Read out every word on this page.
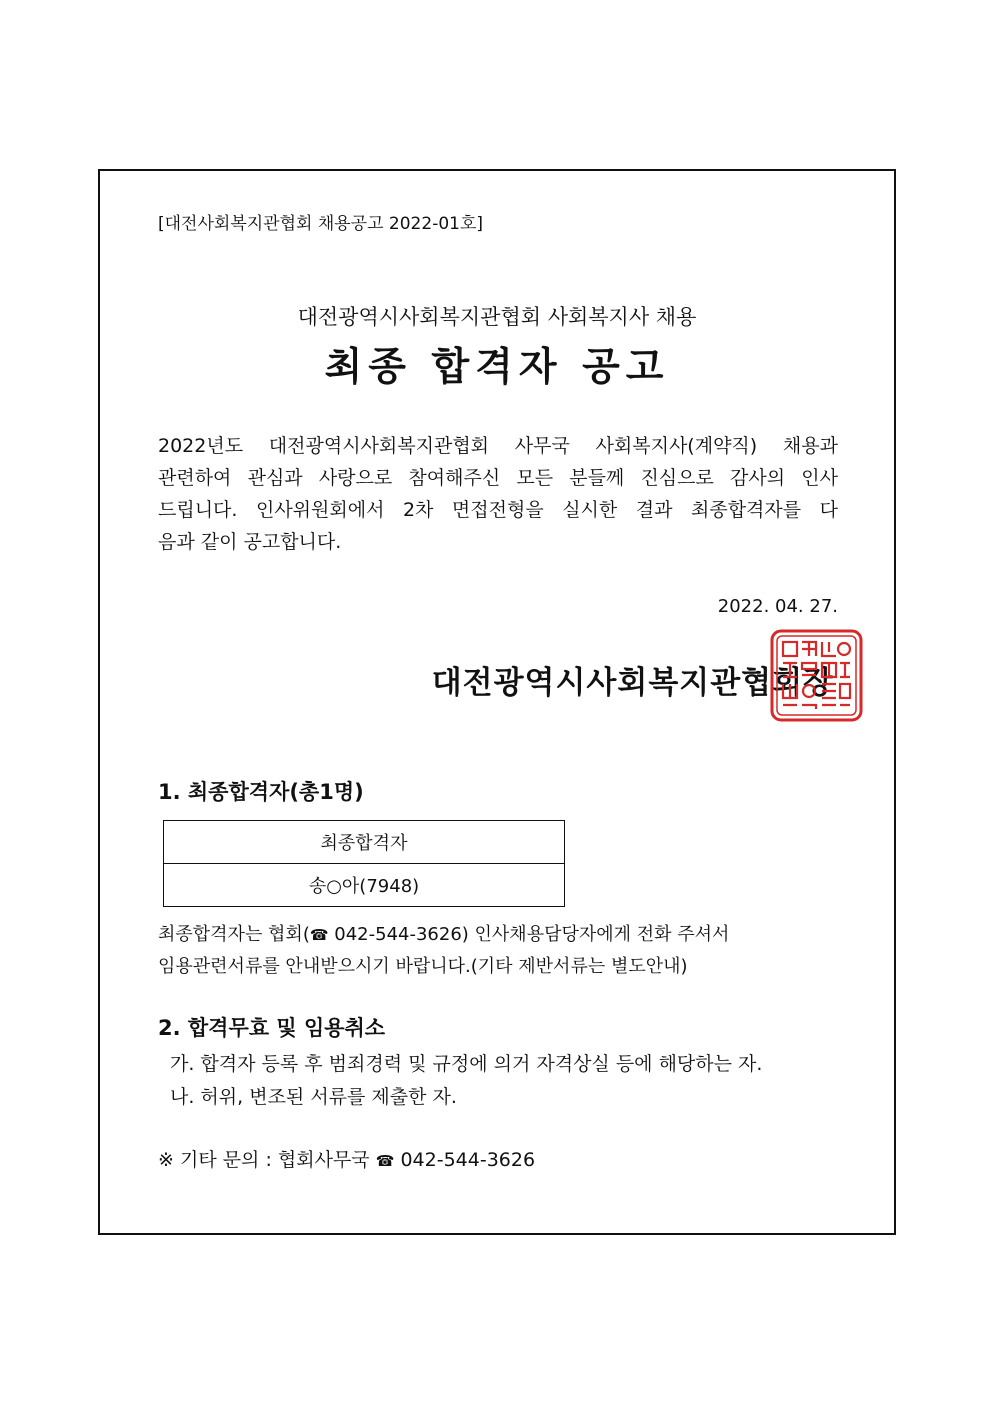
[대전사회복지관협회 채용공고 2022-01호]
대전광역시사회복지관협회 사회복지사 채용
최종 합격자 공고
2022년도 대전광역시사회복지관협회 사무국 사회복지사(계약직) 채용과
관련하여 관심과 사랑으로 참여해주신 모든 분들께 진심으로 감사의 인사
드립니다. 인사위원회에서 2차 면접전형을 실시한 결과 최종합격자를 다
음과 같이 공고합니다.
2022. 04. 27.
대전광역시사회복지관협회장
1. 최종합격자(총1명)
최종합격자
송○아(7948)
최종합격자는 협회(☎ 042-544-3626) 인사채용담당자에게 전화 주셔서
임용관련서류를 안내받으시기 바랍니다.(기타 제반서류는 별도안내)
2. 합격무효 및 임용취소
가. 합격자 등록 후 범죄경력 및 규정에 의거 자격상실 등에 해당하는 자.
나. 허위, 변조된 서류를 제출한 자.
※ 기타 문의 : 협회사무국 ☎ 042-544-3626
